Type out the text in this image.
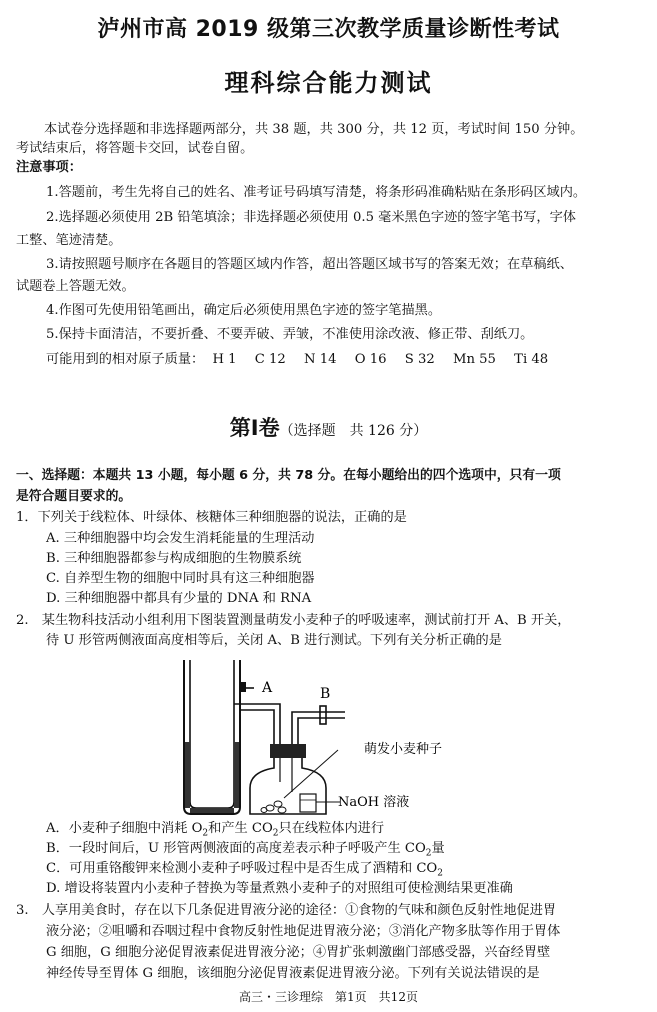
泸州市高 2019 级第三次教学质量诊断性考试
理科综合能力测试
本试卷分选择题和非选择题两部分，共 38 题，共 300 分，共 12 页，考试时间 150 分钟。
考试结束后，将答题卡交回，试卷自留。
注意事项：
1.答题前，考生先将自己的姓名、准考证号码填写清楚，将条形码准确粘贴在条形码区域内。
2.选择题必须使用 2B 铅笔填涂；非选择题必须使用 0.5 毫米黑色字迹的签字笔书写，字体
工整、笔迹清楚。
3.请按照题号顺序在各题目的答题区域内作答，超出答题区域书写的答案无效；在草稿纸、
试题卷上答题无效。
4.作图可先使用铅笔画出，确定后必须使用黑色字迹的签字笔描黑。
5.保持卡面清洁，不要折叠、不要弄破、弄皱，不准使用涂改液、修正带、刮纸刀。
可能用到的相对原子质量： H 1 C 12 N 14 O 16 S 32 Mn 55 Ti 48
第Ⅰ卷（选择题　共 126 分）
一、选择题：本题共 13 小题，每小题 6 分，共 78 分。在每小题给出的四个选项中，只有一项
是符合题目要求的。
1．下列关于线粒体、叶绿体、核糖体三种细胞器的说法，正确的是
A. 三种细胞器中均会发生消耗能量的生理活动
B. 三种细胞器都参与构成细胞的生物膜系统
C. 自养型生物的细胞中同时具有这三种细胞器
D. 三种细胞器中都具有少量的 DNA 和 RNA
2.　某生物科技活动小组利用下图装置测量萌发小麦种子的呼吸速率，测试前打开 A、B 开关，
待 U 形管两侧液面高度相等后，关闭 A、B 进行测试。下列有关分析正确的是
A	B
萌发小麦种子
NaOH 溶液
A．小麦种子细胞中消耗 $O_2$和产生 $CO_2$只在线粒体内进行
B．一段时间后，U 形管两侧液面的高度差表示种子呼吸产生 $CO_2$量
C．可用重铬酸钾来检测小麦种子呼吸过程中是否生成了酒精和 $CO_2$
D. 增设将装置内小麦种子替换为等量煮熟小麦种子的对照组可使检测结果更准确
3.　人享用美食时，存在以下几条促进胃液分泌的途径：①食物的气味和颜色反射性地促进胃
液分泌；②咀嚼和吞咽过程中食物反射性地促进胃液分泌；③消化产物多肽等作用于胃体
G 细胞，G 细胞分泌促胃液素促进胃液分泌；④胃扩张刺激幽门部感受器，兴奋经胃壁
神经传导至胃体 G 细胞，该细胞分泌促胃液素促进胃液分泌。下列有关说法错误的是
高三・三诊理综　第1页　共12页
